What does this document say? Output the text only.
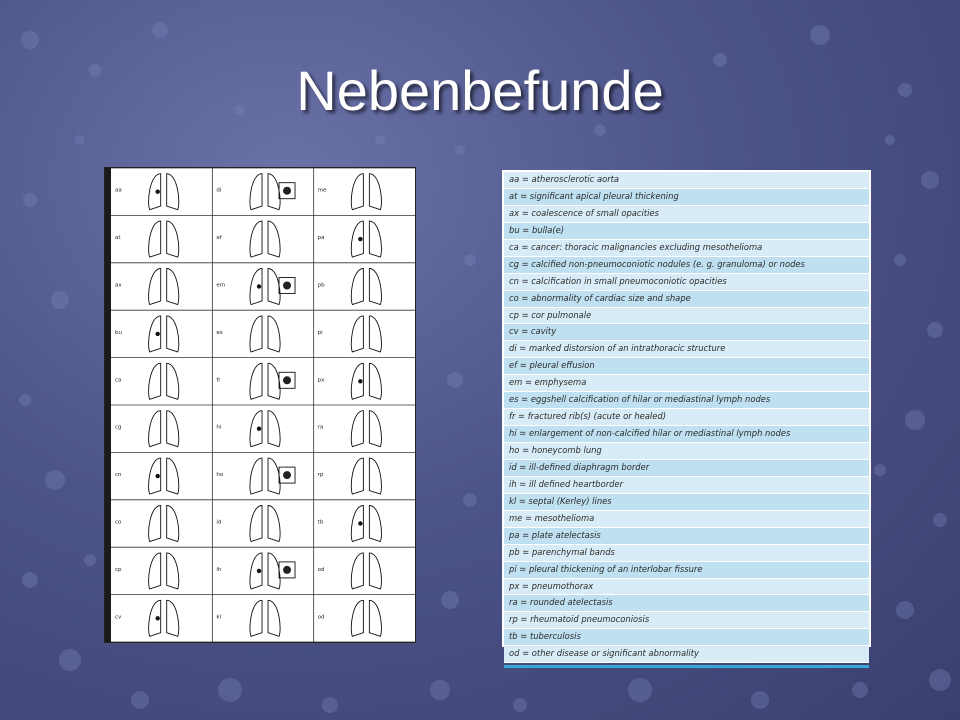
Nebenbefunde
aa	di	me
at	ef	pa
ax	em	pb
bu	es	pi
ca	fr	px
cg	hi	ra
cn	ho	rp
co	id	tb
cp	ih	od
cv	kl	od
aa = atherosclerotic aorta
at = significant apical pleural thickening
ax = coalescence of small opacities
bu = bulla(e)
ca = cancer: thoracic malignancies excluding mesothelioma
cg = calcified non-pneumoconiotic nodules (e. g. granuloma) or nodes
cn = calcification in small pneumoconiotic opacities
co = abnormality of cardiac size and shape
cp = cor pulmonale
cv = cavity
di = marked distorsion of an intrathoracic structure
ef = pleural effusion
em = emphysema
es = eggshell calcification of hilar or mediastinal lymph nodes
fr = fractured rib(s) (acute or healed)
hi = enlargement of non-calcified hilar or mediastinal lymph nodes
ho = honeycomb lung
id = ill-defined diaphragm border
ih = ill defined heartborder
kl = septal (Kerley) lines
me = mesothelioma
pa = plate atelectasis
pb = parenchymal bands
pi = pleural thickening of an interlobar fissure
px = pneumothorax
ra = rounded atelectasis
rp = rheumatoid pneumoconiosis
tb = tuberculosis
od = other disease or significant abnormality
